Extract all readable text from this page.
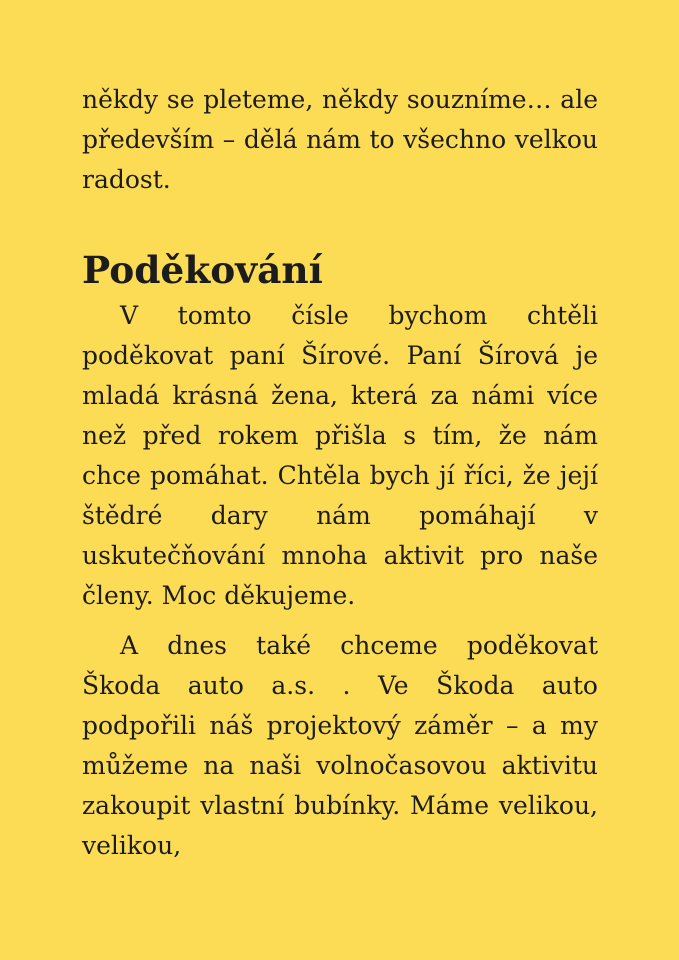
někdy se pleteme, někdy souzníme… ale především – dělá nám to všechno velkou radost.

Poděkování

V tomto čísle bychom chtěli poděkovat paní Šírové. Paní Šírová je mladá krásná žena, která za námi více než před rokem přišla s tím, že nám chce pomáhat. Chtěla bych jí říci, že její štědré dary nám pomáhají v uskutečňování mnoha aktivit pro naše členy. Moc děkujeme.

A dnes také chceme poděkovat Škoda auto a.s. . Ve Škoda auto podpořili náš projektový záměr – a my můžeme na naši volnočasovou aktivitu zakoupit vlastní bubínky. Máme velikou, velikou,
